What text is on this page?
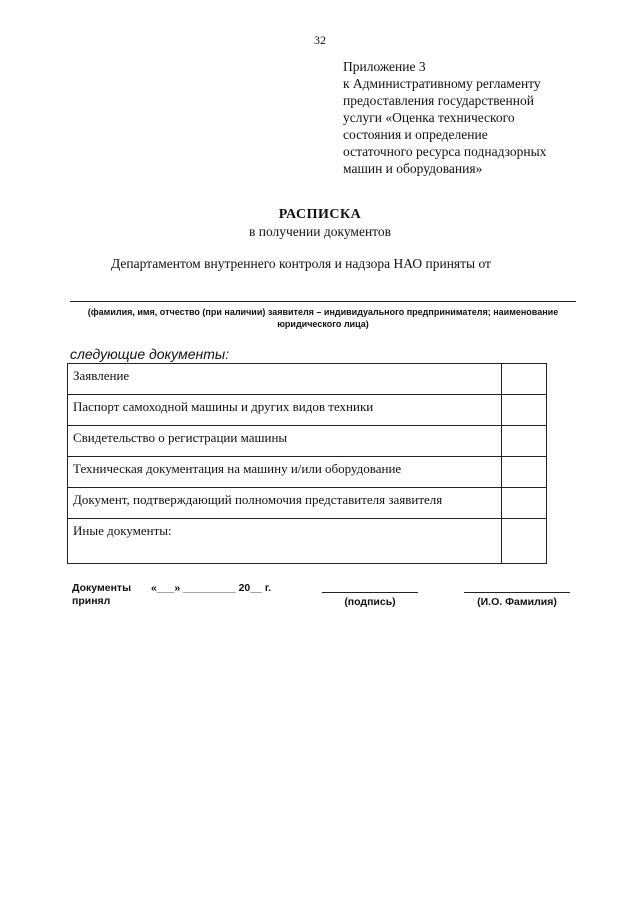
32
Приложение 3
к Административному регламенту
предоставления государственной
услуги «Оценка технического
состояния и определение
остаточного ресурса поднадзорных
машин и оборудования»
РАСПИСКА
в получении документов
Департаментом внутреннего контроля и надзора НАО приняты от
(фамилия, имя, отчество (при наличии) заявителя – индивидуального предпринимателя; наименование юридического лица)
следующие документы:
Заявление	
Паспорт самоходной машины и других видов техники	
Свидетельство о регистрации машины	
Техническая документация на машину и/или оборудование	
Документ, подтверждающий полномочия представителя заявителя	
Иные документы:	
Документы
принял
«___» _________ 20__ г.
(подпись)	(И.О. Фамилия)
